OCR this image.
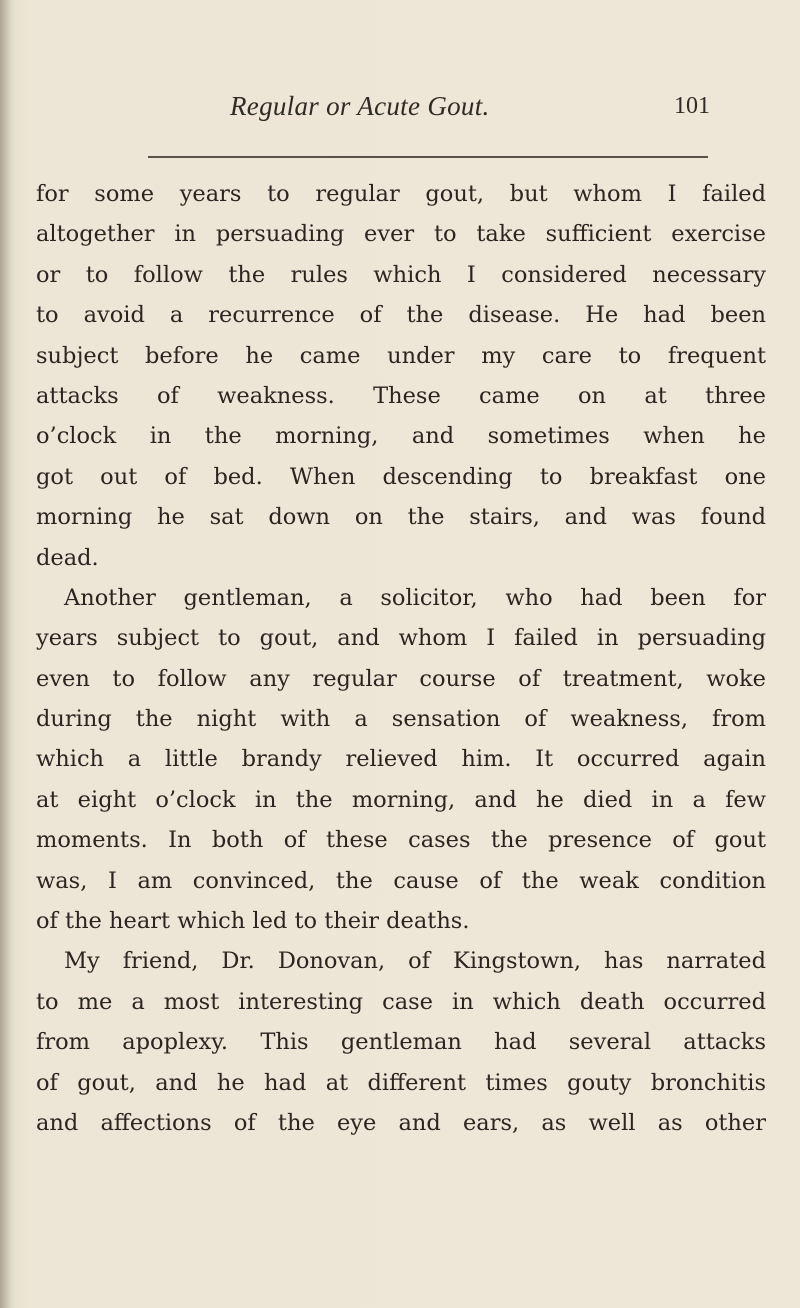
Regular or Acute Gout.	101
for some years to regular gout, but whom I failed
altogether in persuading ever to take sufficient exercise
or to follow the rules which I considered necessary
to avoid a recurrence of the disease. He had been
subject before he came under my care to frequent
attacks of weakness. These came on at three
o’clock in the morning, and sometimes when he
got out of bed. When descending to breakfast one
morning he sat down on the stairs, and was found
dead.
Another gentleman, a solicitor, who had been for
years subject to gout, and whom I failed in persuading
even to follow any regular course of treatment, woke
during the night with a sensation of weakness, from
which a little brandy relieved him. It occurred again
at eight o’clock in the morning, and he died in a few
moments. In both of these cases the presence of gout
was, I am convinced, the cause of the weak condition
of the heart which led to their deaths.
My friend, Dr. Donovan, of Kingstown, has narrated
to me a most interesting case in which death occurred
from apoplexy. This gentleman had several attacks
of gout, and he had at different times gouty bronchitis
and affections of the eye and ears, as well as other
